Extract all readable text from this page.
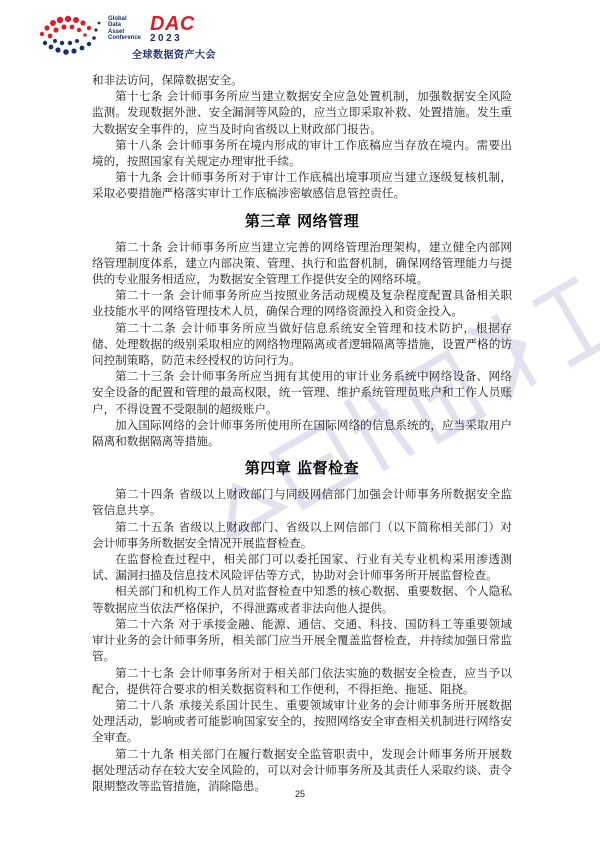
Global
Data
Asset
Conference
DAC
2023
全球数据资产大会

和非法访问，保障数据安全。

第十七条 会计师事务所应当建立数据安全应急处置机制，加强数据安全风险监测。发现数据外泄、安全漏洞等风险的，应当立即采取补救、处置措施。发生重大数据安全事件的，应当及时向省级以上财政部门报告。

第十八条 会计师事务所在境内形成的审计工作底稿应当存放在境内。需要出境的，按照国家有关规定办理审批手续。

第十九条 会计师事务所对于审计工作底稿出境事项应当建立逐级复核机制，采取必要措施严格落实审计工作底稿涉密敏感信息管控责任。

第三章 网络管理

第二十条 会计师事务所应当建立完善的网络管理治理架构，建立健全内部网络管理制度体系，建立内部决策、管理、执行和监督机制，确保网络管理能力与提供的专业服务相适应，为数据安全管理工作提供安全的网络环境。

第二十一条 会计师事务所应当按照业务活动规模及复杂程度配置具备相关职业技能水平的网络管理技术人员，确保合理的网络资源投入和资金投入。

第二十二条 会计师事务所应当做好信息系统安全管理和技术防护，根据存储、处理数据的级别采取相应的网络物理隔离或者逻辑隔离等措施，设置严格的访问控制策略，防范未经授权的访问行为。

第二十三条 会计师事务所应当拥有其使用的审计业务系统中网络设备、网络安全设备的配置和管理的最高权限，统一管理、维护系统管理员账户和工作人员账户，不得设置不受限制的超级账户。

加入国际网络的会计师事务所使用所在国际网络的信息系统的，应当采取用户隔离和数据隔离等措施。

第四章 监督检查

第二十四条 省级以上财政部门与同级网信部门加强会计师事务所数据安全监管信息共享。

第二十五条 省级以上财政部门、省级以上网信部门（以下简称相关部门）对会计师事务所数据安全情况开展监督检查。

在监督检查过程中，相关部门可以委托国家、行业有关专业机构采用渗透测试、漏洞扫描及信息技术风险评估等方式，协助对会计师事务所开展监督检查。

相关部门和机构工作人员对监督检查中知悉的核心数据、重要数据、个人隐私等数据应当依法严格保护，不得泄露或者非法向他人提供。

第二十六条 对于承接金融、能源、通信、交通、科技、国防科工等重要领域审计业务的会计师事务所，相关部门应当开展全覆盖监督检查，并持续加强日常监管。

第二十七条 会计师事务所对于相关部门依法实施的数据安全检查，应当予以配合，提供符合要求的相关数据资料和工作便利，不得拒绝、拖延、阻挠。

第二十八条 承接关系国计民生、重要领域审计业务的会计师事务所开展数据处理活动，影响或者可能影响国家安全的，按照网络安全审查相关机制进行网络安全审查。

第二十九条 相关部门在履行数据安全监管职责中，发现会计师事务所开展数据处理活动存在较大安全风险的，可以对会计师事务所及其责任人采取约谈、责令限期整改等监管措施，消除隐患。

25
